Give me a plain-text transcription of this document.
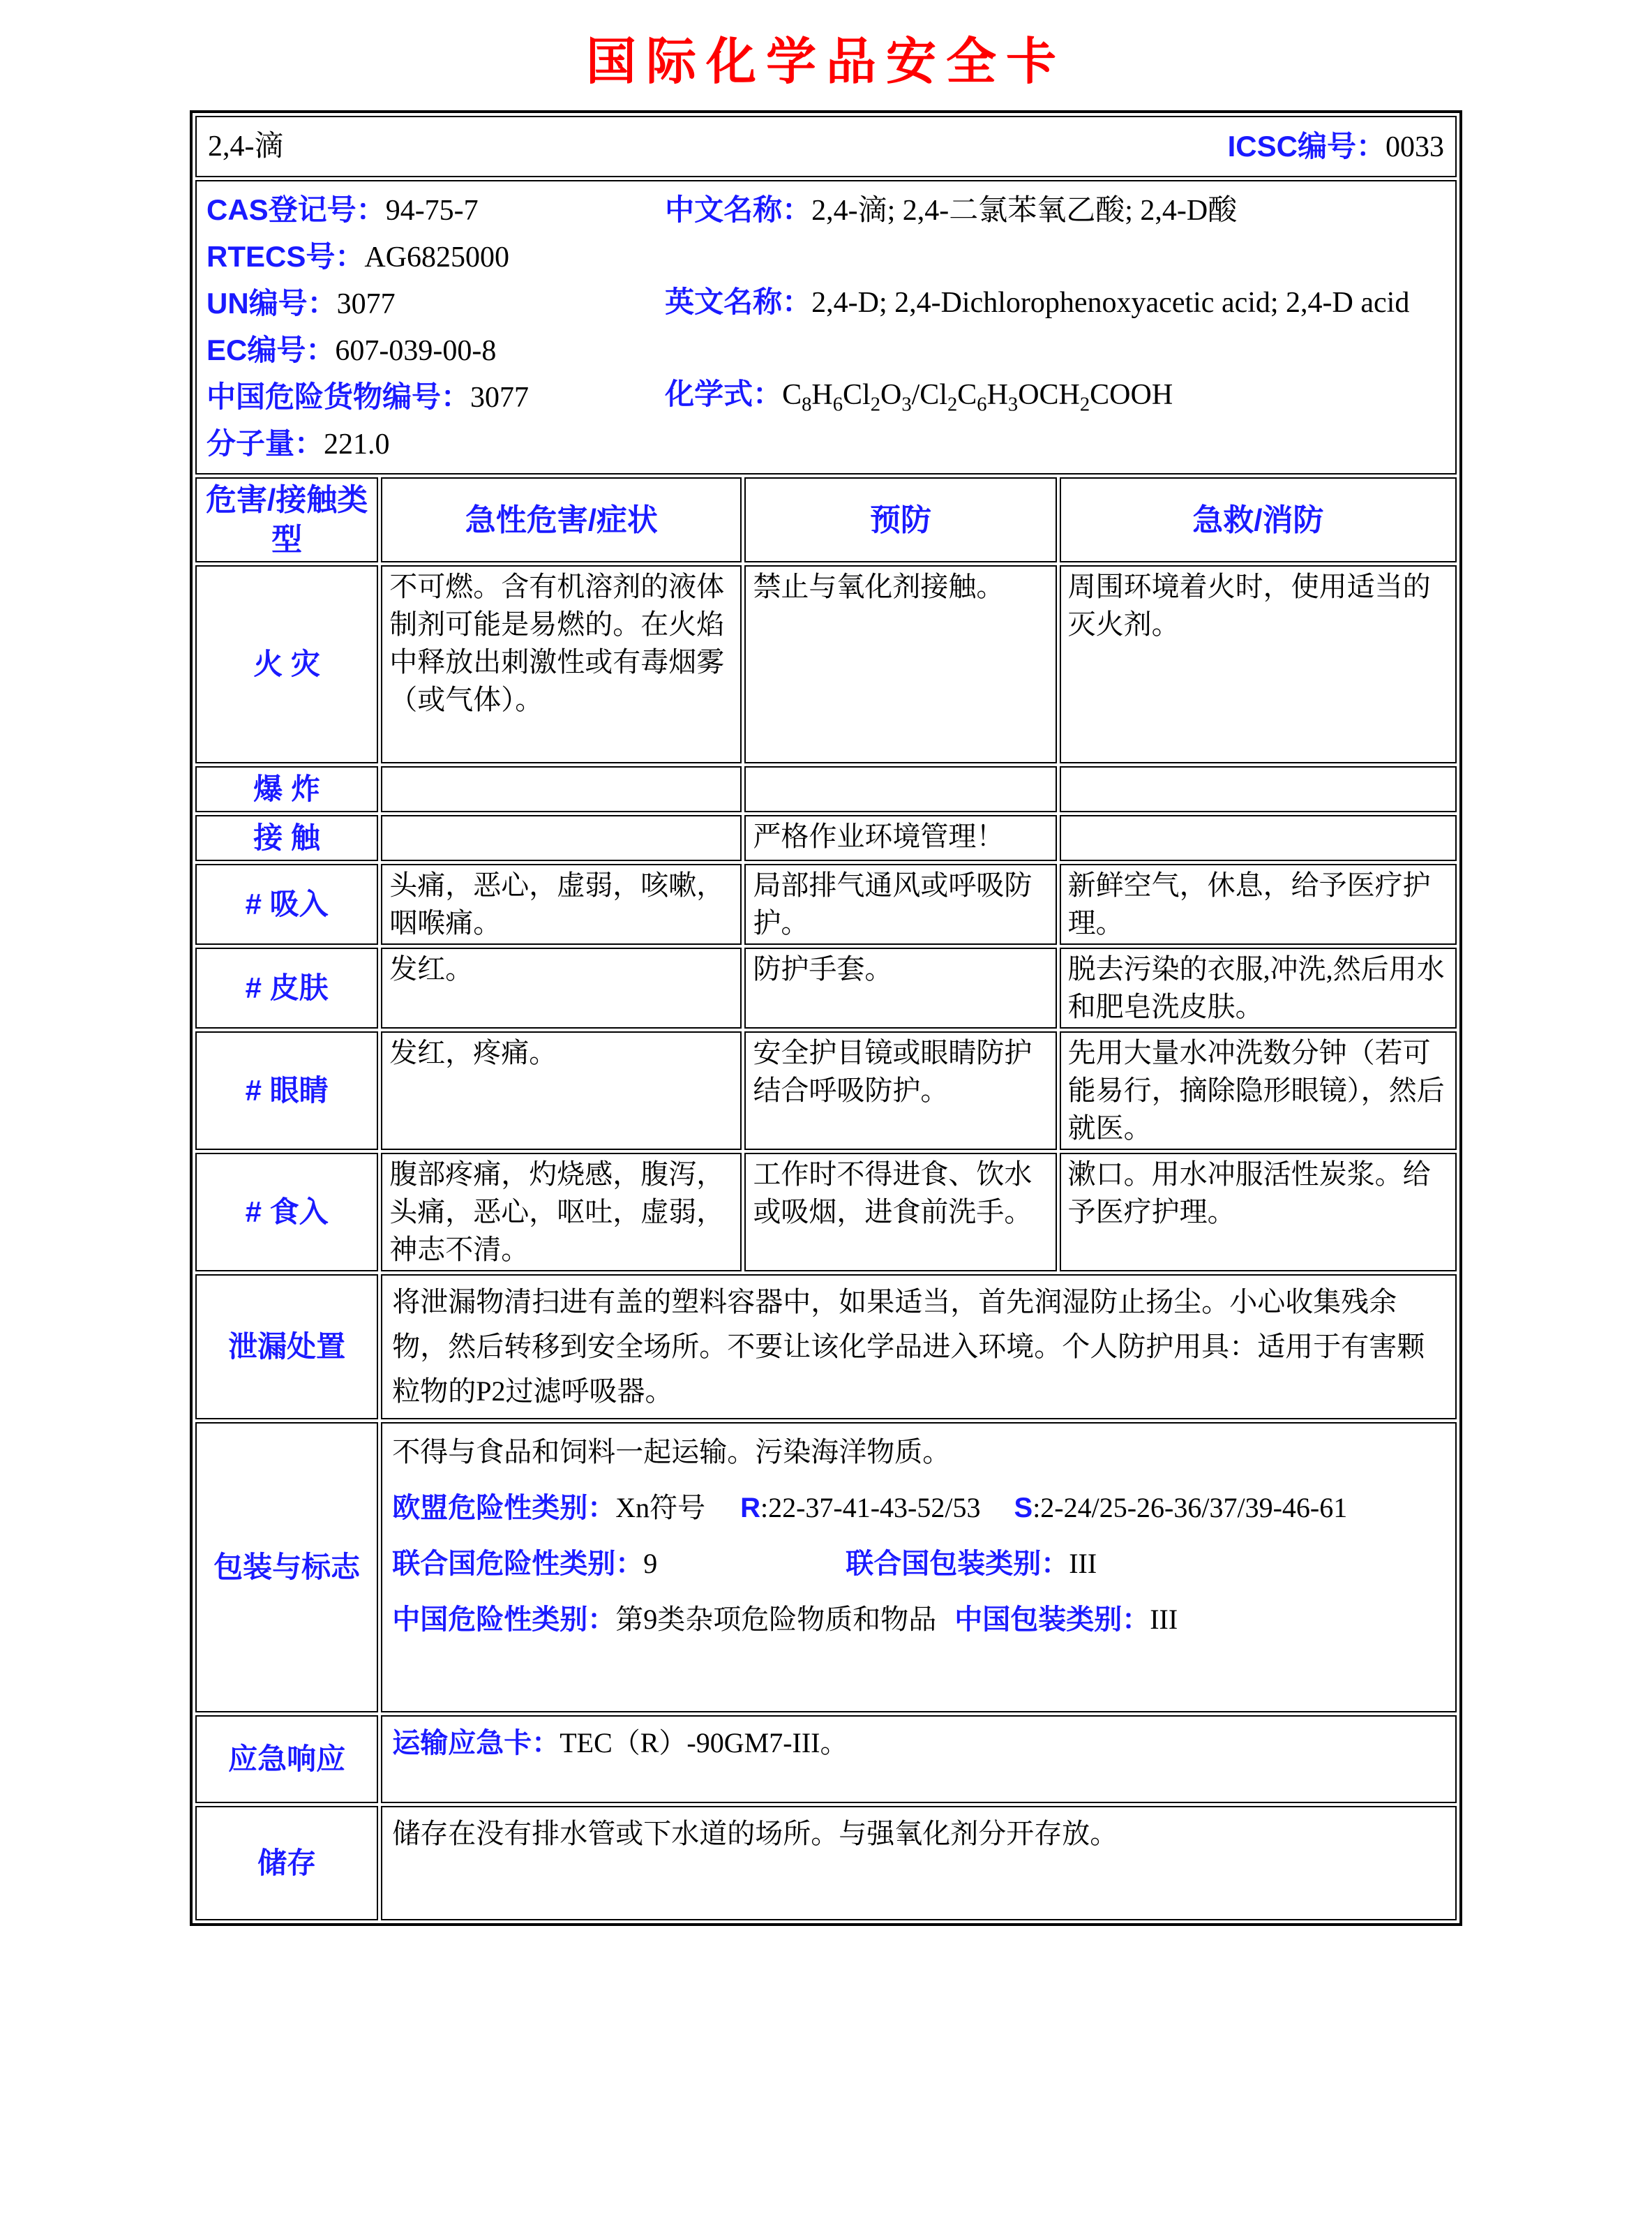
国际化学品安全卡
2,4-滴 ICSC编号：0033			

CAS登记号：94-75-7
RTECS号：AG6825000
UN编号：3077
EC编号：607-039-00-8
中国危险货物编号：3077
分子量：221.0
中文名称：2,4-滴; 2,4-二氯苯氧乙酸; 2,4-D酸
英文名称：2,4-D; 2,4-Dichlorophenoxyacetic acid; 2,4-D acid
化学式：$C_8H_6Cl_2O_3/Cl_2C_6H_3OCH_2COOH$

危害/接触类型	急性危害/症状	预防	急救/消防
火 灾	不可燃。含有机溶剂的液体制剂可能是易燃的。在火焰中释放出刺激性或有毒烟雾（或气体）。	禁止与氧化剂接触。	周围环境着火时，使用适当的灭火剂。
爆 炸			
接 触		严格作业环境管理！	
# 吸入	头痛，恶心，虚弱，咳嗽，咽喉痛。	局部排气通风或呼吸防护。	新鲜空气，休息，给予医疗护理。
# 皮肤	发红。	防护手套。	脱去污染的衣服,冲洗,然后用水和肥皂洗皮肤。
# 眼睛	发红，疼痛。	安全护目镜或眼睛防护结合呼吸防护。	先用大量水冲洗数分钟（若可能易行，摘除隐形眼镜），然后就医。
# 食入	腹部疼痛，灼烧感，腹泻，头痛，恶心，呕吐，虚弱，神志不清。	工作时不得进食、饮水或吸烟，进食前洗手。	漱口。用水冲服活性炭浆。给予医疗护理。
泄漏处置	将泄漏物清扫进有盖的塑料容器中，如果适当，首先润湿防止扬尘。小心收集残余物，然后转移到安全场所。不要让该化学品进入环境。个人防护用具：适用于有害颗粒物的P2过滤呼吸器。		
包装与标志	不得与食品和饲料一起运输。污染海洋物质。
欧盟危险性类别：Xn符号 R:22-37-41-43-52/53 S:2-24/25-26-36/37/39-46-61
联合国危险性类别：9 联合国包装类别：III
中国危险性类别：第9类杂项危险物质和物品 中国包装类别：III		

应急响应	运输应急卡：TEC（R）-90GM7-III。		
储存	储存在没有排水管或下水道的场所。与强氧化剂分开存放。		
